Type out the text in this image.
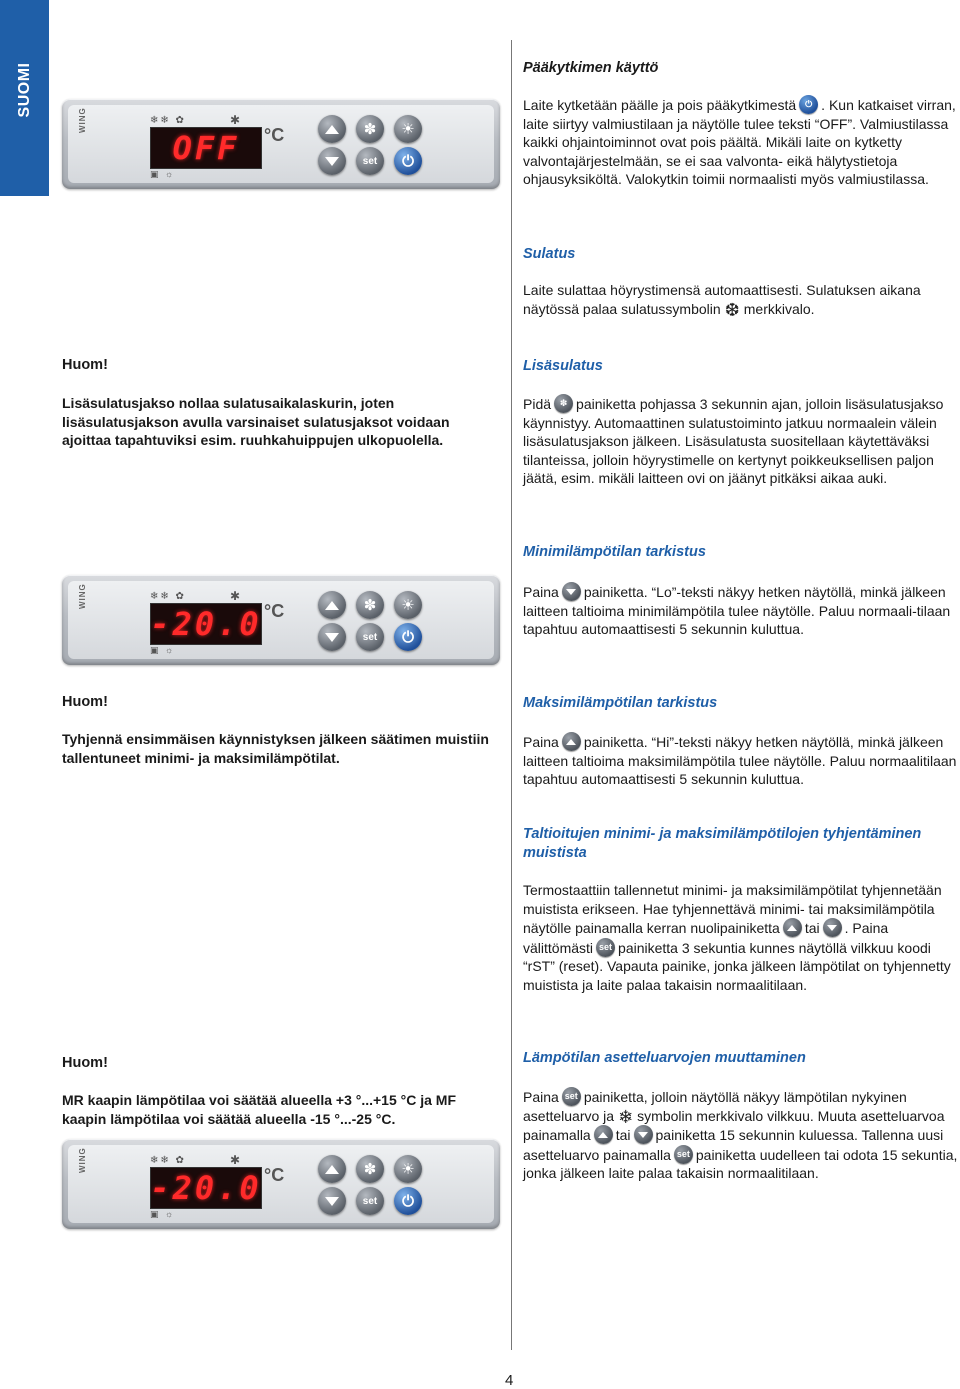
SUOMI
WING	❄❄ ✿	✱
OFF °C
▣ ☼
✽ ☀
set ⏻
WING	❄❄ ✿	✱
-20.0 °C
▣ ☼
✽ ☀
set ⏻
WING	❄❄ ✿	✱
-20.0 °C
▣ ☼
✽ ☀
set ⏻
Pääkytkimen käyttö
Laite kytketään päälle ja pois pääkytkimestä ⏻ . Kun katkaiset virran, laite siirtyy valmiustilaan ja näytölle tulee teksti “OFF”. Valmiustilassa kaikki ohjaintoiminnot ovat pois päältä. Mikäli laite on kytketty valvontajärjestelmään, se ei saa valvonta- eikä hälytystietoja ohjausyksiköltä. Valokytkin toimii normaalisti myös valmiustilassa.
Sulatus
Laite sulattaa höyrystimensä automaattisesti. Sulatuksen aikana näytössä palaa sulatussymbolin ❆ merkkivalo.
Huom!
Lisäsulatusjakso nollaa sulatusaikalaskurin, joten lisäsulatusjakson avulla varsinaiset sulatusjaksot voidaan ajoittaa tapahtuviksi esim. ruuhkahuippujen ulkopuolella.
Lisäsulatus
Pidä ✽ painiketta pohjassa 3 sekunnin ajan, jolloin lisäsulatusjakso käynnistyy. Automaattinen sulatustoiminto jatkuu normaalein välein lisäsulatusjakson jälkeen. Lisäsulatusta suositellaan käytettäväksi tilanteissa, jolloin höyrystimelle on kertynyt poikkeuksellisen paljon jäätä, esim. mikäli laitteen ovi on jäänyt pitkäksi aikaa auki.
Minimilämpötilan tarkistus
Paina painiketta. “Lo”-teksti näkyy hetken näytöllä, minkä jälkeen laitteen taltioima minimilämpötila tulee näytölle. Paluu normaali-tilaan tapahtuu automaattisesti 5 sekunnin kuluttua.
Huom!
Tyhjennä ensimmäisen käynnistyksen jälkeen säätimen muistiin tallentuneet minimi- ja maksimilämpötilat.
Maksimilämpötilan tarkistus
Paina painiketta. “Hi”-teksti näkyy hetken näytöllä, minkä jälkeen laitteen taltioima maksimilämpötila tulee näytölle. Paluu normaalitilaan tapahtuu automaattisesti 5 sekunnin kuluttua.
Taltioitujen minimi- ja maksimilämpötilojen tyhjentäminen muistista
Termostaattiin tallennetut minimi- ja maksimilämpötilat tyhjennetään muistista erikseen. Hae tyhjennettävä minimi- tai maksimilämpötila näytölle painamalla kerran nuolipainiketta tai . Paina välittömästi set painiketta 3 sekuntia kunnes näytöllä vilkkuu koodi “rST” (reset). Vapauta painike, jonka jälkeen lämpötilat on tyhjennetty muistista ja laite palaa takaisin normaalitilaan.
Huom!
MR kaapin lämpötilaa voi säätää alueella +3 °...+15 °C ja MF kaapin lämpötilaa voi säätää alueella -15 °...-25 °C.
Lämpötilan asetteluarvojen muuttaminen
Paina set painiketta, jolloin näytöllä näkyy lämpötilan nykyinen asetteluarvo ja ❄ symbolin merkkivalo vilkkuu. Muuta asetteluarvoa painamalla tai painiketta 15 sekunnin kuluessa. Tallenna uusi asetteluarvo painamalla set painiketta uudelleen tai odota 15 sekuntia, jonka jälkeen laite palaa takaisin normaalitilaan.
4
